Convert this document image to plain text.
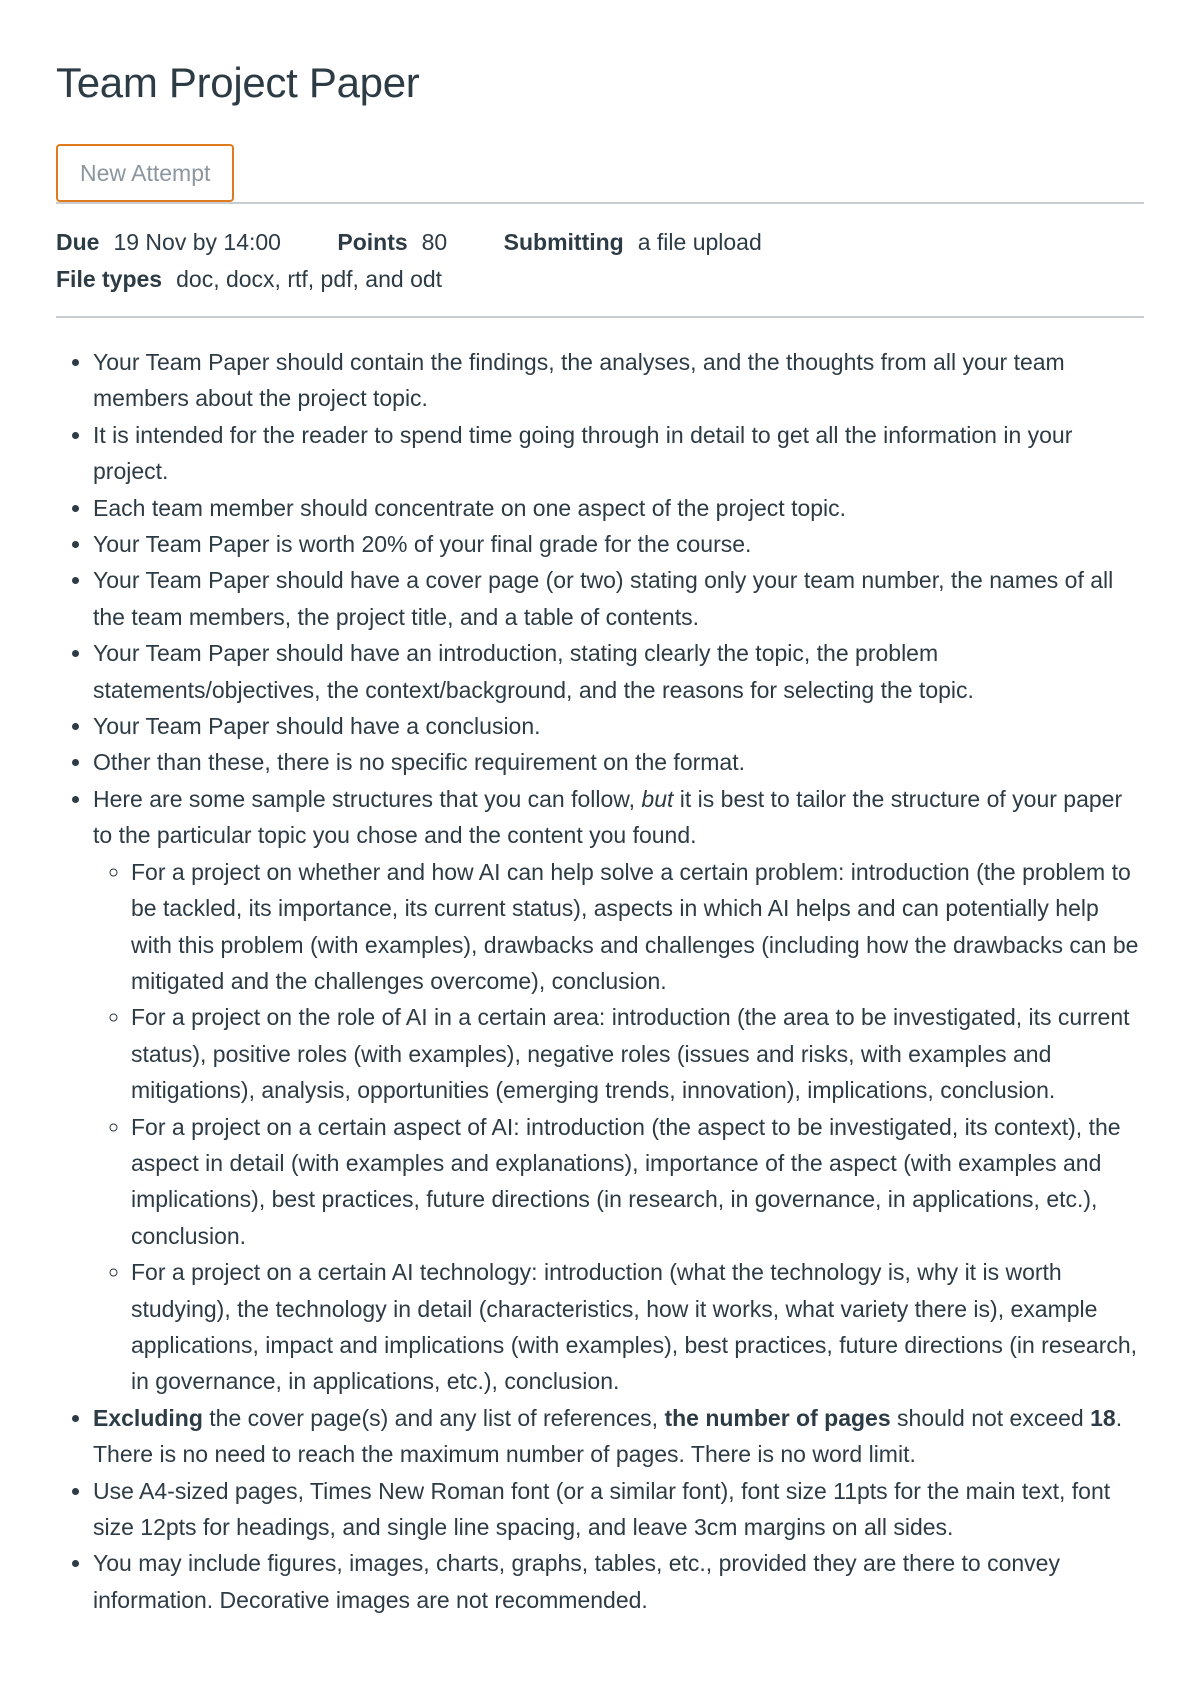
Team Project Paper
New Attempt
Due 19 Nov by 14:00 Points 80 Submitting a file upload
File types doc, docx, rtf, pdf, and odt
• Your Team Paper should contain the findings, the analyses, and the thoughts from all your team members about the project topic.
• It is intended for the reader to spend time going through in detail to get all the information in your project.
• Each team member should concentrate on one aspect of the project topic.
• Your Team Paper is worth 20% of your final grade for the course.
• Your Team Paper should have a cover page (or two) stating only your team number, the names of all the team members, the project title, and a table of contents.
• Your Team Paper should have an introduction, stating clearly the topic, the problem statements/objectives, the context/background, and the reasons for selecting the topic.
• Your Team Paper should have a conclusion.
• Other than these, there is no specific requirement on the format.
• Here are some sample structures that you can follow, but it is best to tailor the structure of your paper to the particular topic you chose and the content you found.
◦ For a project on whether and how AI can help solve a certain problem: introduction (the problem to be tackled, its importance, its current status), aspects in which AI helps and can potentially help with this problem (with examples), drawbacks and challenges (including how the drawbacks can be mitigated and the challenges overcome), conclusion.
◦ For a project on the role of AI in a certain area: introduction (the area to be investigated, its current status), positive roles (with examples), negative roles (issues and risks, with examples and mitigations), analysis, opportunities (emerging trends, innovation), implications, conclusion.
◦ For a project on a certain aspect of AI: introduction (the aspect to be investigated, its context), the aspect in detail (with examples and explanations), importance of the aspect (with examples and implications), best practices, future directions (in research, in governance, in applications, etc.), conclusion.
◦ For a project on a certain AI technology: introduction (what the technology is, why it is worth studying), the technology in detail (characteristics, how it works, what variety there is), example applications, impact and implications (with examples), best practices, future directions (in research, in governance, in applications, etc.), conclusion.
• Excluding the cover page(s) and any list of references, the number of pages should not exceed 18. There is no need to reach the maximum number of pages. There is no word limit.
• Use A4-sized pages, Times New Roman font (or a similar font), font size 11pts for the main text, font size 12pts for headings, and single line spacing, and leave 3cm margins on all sides.
• You may include figures, images, charts, graphs, tables, etc., provided they are there to convey information. Decorative images are not recommended.
